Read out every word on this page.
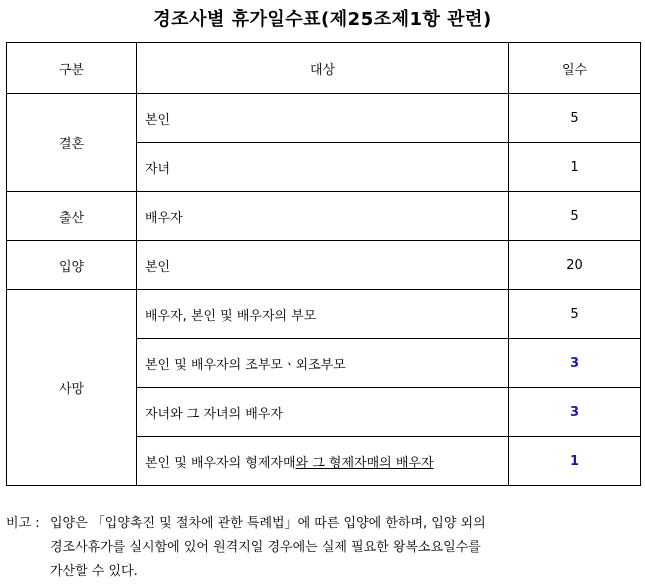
경조사별 휴가일수표(제25조제1항 관련)
구분	대상	일수
결혼	본인	5
	자녀	1
출산	배우자	5
입양	본인	20
사망	배우자, 본인 및 배우자의 부모	5
	본인 및 배우자의 조부모ㆍ외조부모	3
	자녀와 그 자녀의 배우자	3
	본인 및 배우자의 형제자매와 그 형제자매의 배우자	1
비고 : 입양은 「입양촉진 및 절차에 관한 특례법」에 따른 입양에 한하며, 입양 외의
경조사휴가를 실시함에 있어 원격지일 경우에는 실제 필요한 왕복소요일수를
가산할 수 있다.
